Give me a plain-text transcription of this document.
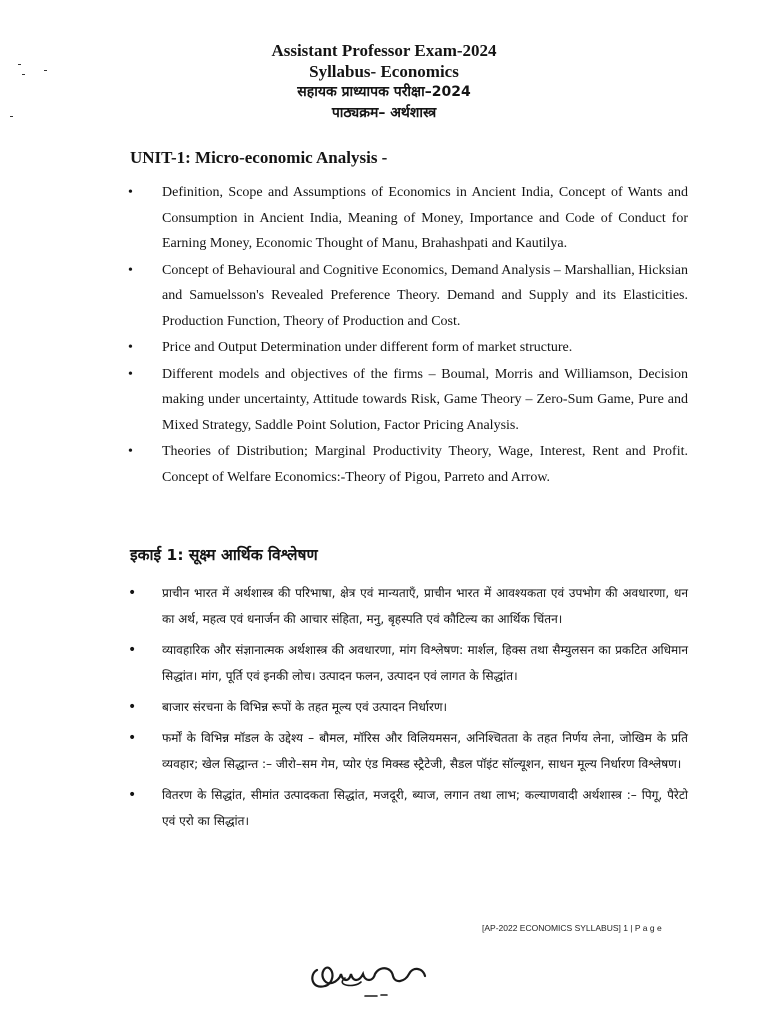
Assistant Professor Exam-2024
Syllabus- Economics
सहायक प्राध्यापक परीक्षा–2024
पाठ्यक्रम– अर्थशास्त्र
UNIT-1: Micro-economic Analysis -
• Definition, Scope and Assumptions of Economics in Ancient India, Concept of Wants and Consumption in Ancient India, Meaning of Money, Importance and Code of Conduct for Earning Money, Economic Thought of Manu, Brahashpati and Kautilya.
• Concept of Behavioural and Cognitive Economics, Demand Analysis – Marshallian, Hicksian and Samuelsson's Revealed Preference Theory. Demand and Supply and its Elasticities. Production Function, Theory of Production and Cost.
• Price and Output Determination under different form of market structure.
• Different models and objectives of the firms – Boumal, Morris and Williamson, Decision making under uncertainty, Attitude towards Risk, Game Theory – Zero-Sum Game, Pure and Mixed Strategy, Saddle Point Solution, Factor Pricing Analysis.
• Theories of Distribution; Marginal Productivity Theory, Wage, Interest, Rent and Profit. Concept of Welfare Economics:-Theory of Pigou, Parreto and Arrow.
इकाई 1: सूक्ष्म आर्थिक विश्लेषण
• प्राचीन भारत में अर्थशास्त्र की परिभाषा, क्षेत्र एवं मान्यताएँ, प्राचीन भारत में आवश्यकता एवं उपभोग की अवधारणा, धन का अर्थ, महत्व एवं धनार्जन की आचार संहिता, मनु, बृहस्पति एवं कौटिल्य का आर्थिक चिंतन।
• व्यावहारिक और संज्ञानात्मक अर्थशास्त्र की अवधारणा, मांग विश्लेषण: मार्शल, हिक्स तथा सैम्युलसन का प्रकटित अधिमान सिद्धांत। मांग, पूर्ति एवं इनकी लोच। उत्पादन फलन, उत्पादन एवं लागत के सिद्धांत।
• बाजार संरचना के विभिन्न रूपों के तहत मूल्य एवं उत्पादन निर्धारण।
• फर्मों के विभिन्न मॉडल के उद्देश्य – बौमल, मॉरिस और विलियमसन, अनिश्चितता के तहत निर्णय लेना, जोखिम के प्रति व्यवहार; खेल सिद्धान्त :– जीरो–सम गेम, प्योर एंड मिक्स्ड स्ट्रैटेजी, सैडल पॉइंट सॉल्यूशन, साधन मूल्य निर्धारण विश्लेषण।
• वितरण के सिद्धांत, सीमांत उत्पादकता सिद्धांत, मजदूरी, ब्याज, लगान तथा लाभ; कल्याणवादी अर्थशास्त्र :– पिगू, पैरेटो एवं एरो का सिद्धांत।
[AP-2022 ECONOMICS SYLLABUS] 1 | P a g e
